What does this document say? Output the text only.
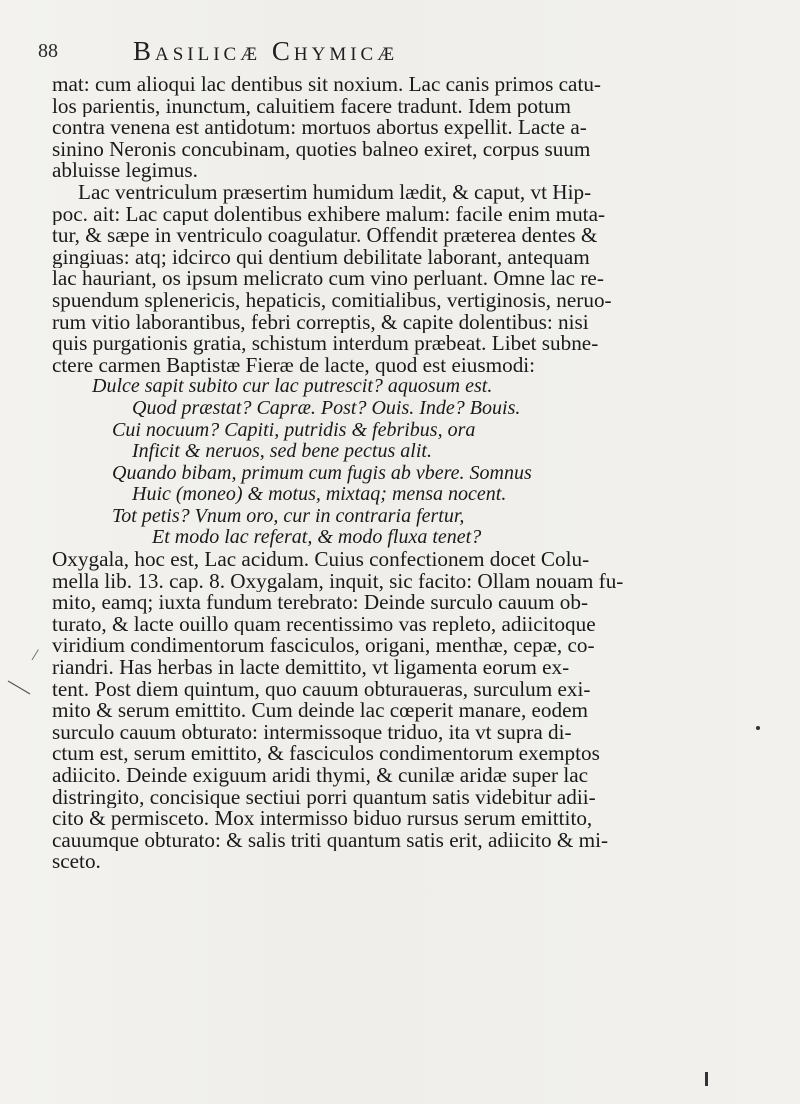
88	Basilicæ Chymicæ
mat: cum alioqui lac dentibus sit noxium. Lac canis primos catu-
los parientis, inunctum, caluitiem facere tradunt. Idem potum
contra venena est antidotum: mortuos abortus expellit. Lacte a-
sinino Neronis concubinam, quoties balneo exiret, corpus suum
abluisse legimus.
Lac ventriculum præsertim humidum lædit, & caput, vt Hip-
poc. ait: Lac caput dolentibus exhibere malum: facile enim muta-
tur, & sæpe in ventriculo coagulatur. Offendit præterea dentes &
gingiuas: atq; idcirco qui dentium debilitate laborant, antequam
lac hauriant, os ipsum melicrato cum vino perluant. Omne lac re-
spuendum splenericis, hepaticis, comitialibus, vertiginosis, neruo-
rum vitio laborantibus, febri correptis, & capite dolentibus: nisi
quis purgationis gratia, schistum interdum præbeat. Libet subne-
ctere carmen Baptistæ Fieræ de lacte, quod est eiusmodi:
Dulce sapit subito cur lac putrescit? aquosum est.
Quod præstat? Capræ. Post? Ouis. Inde? Bouis.
Cui nocuum? Capiti, putridis & febribus, ora
Inficit & neruos, sed bene pectus alit.
Quando bibam, primum cum fugis ab vbere. Somnus
Huic (moneo) & motus, mixtaq; mensa nocent.
Tot petis? Vnum oro, cur in contraria fertur,
Et modo lac referat, & modo fluxa tenet?
Oxygala, hoc est, Lac acidum. Cuius confectionem docet Colu-
mella lib. 13. cap. 8. Oxygalam, inquit, sic facito: Ollam nouam fu-
mito, eamq; iuxta fundum terebrato: Deinde surculo cauum ob-
turato, & lacte ouillo quam recentissimo vas repleto, adiicitoque
viridium condimentorum fasciculos, origani, menthæ, cepæ, co-
riandri. Has herbas in lacte demittito, vt ligamenta eorum ex-
tent. Post diem quintum, quo cauum obturaueras, surculum exi-
mito & serum emittito. Cum deinde lac cœperit manare, eodem
surculo cauum obturato: intermissoque triduo, ita vt supra di-
ctum est, serum emittito, & fasciculos condimentorum exemptos
adiicito. Deinde exiguum aridi thymi, & cunilæ aridæ super lac
distringito, concisique sectiui porri quantum satis videbitur adii-
cito & permisceto. Mox intermisso biduo rursus serum emittito,
cauumque obturato: & salis triti quantum satis erit, adiicito & mi-
sceto.
⁄
